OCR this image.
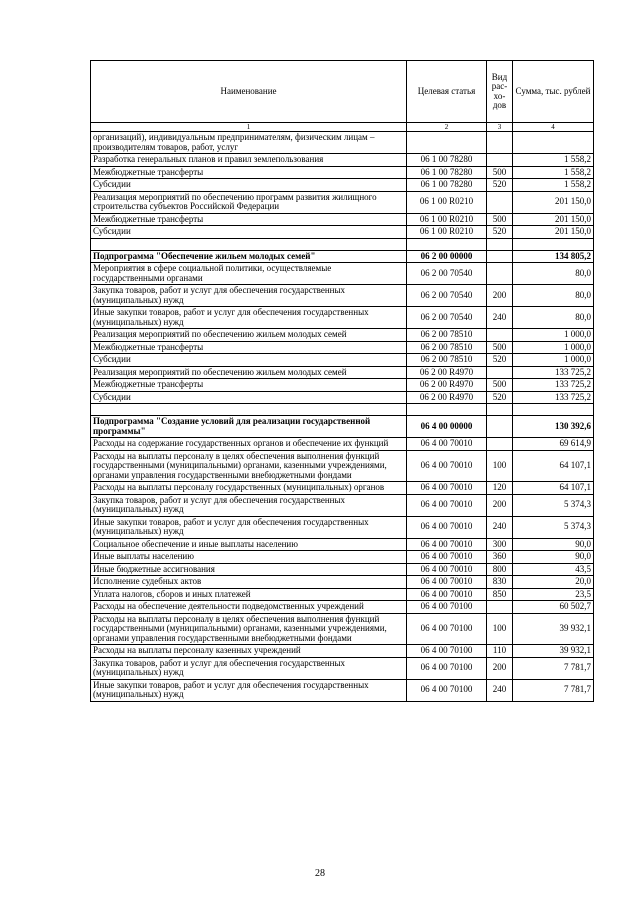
Наименование	Целевая статья	Вид рас-хо-дов	Сумма, тыс. рублей
1	2	3	4
организаций), индивидуальным предпринимателям, физическим лицам – производителям товаров, работ, услуг			
Разработка генеральных планов и правил землепользования	06 1 00 78280		1 558,2
Межбюджетные трансферты	06 1 00 78280	500	1 558,2
Субсидии	06 1 00 78280	520	1 558,2
Реализация мероприятий по обеспечению программ развития жилищного строительства субъектов Российской Федерации	06 1 00 R0210		201 150,0
Межбюджетные трансферты	06 1 00 R0210	500	201 150,0
Субсидии	06 1 00 R0210	520	201 150,0

Подпрограмма "Обеспечение жильем молодых семей"	06 2 00 00000		134 805,2
Мероприятия в сфере социальной политики, осуществляемые государственными органами	06 2 00 70540		80,0
Закупка товаров, работ и услуг для обеспечения государственных (муниципальных) нужд	06 2 00 70540	200	80,0
Иные закупки товаров, работ и услуг для обеспечения государственных (муниципальных) нужд	06 2 00 70540	240	80,0
Реализация мероприятий по обеспечению жильем молодых семей	06 2 00 78510		1 000,0
Межбюджетные трансферты	06 2 00 78510	500	1 000,0
Субсидии	06 2 00 78510	520	1 000,0
Реализация мероприятий по обеспечению жильем молодых семей	06 2 00 R4970		133 725,2
Межбюджетные трансферты	06 2 00 R4970	500	133 725,2
Субсидии	06 2 00 R4970	520	133 725,2

Подпрограмма "Создание условий для реализации государственной программы"	06 4 00 00000		130 392,6
Расходы на содержание государственных органов и обеспечение их функций	06 4 00 70010		69 614,9
Расходы на выплаты персоналу в целях обеспечения выполнения функций государственными (муниципальными) органами, казенными учреждениями, органами управления государственными внебюджетными фондами	06 4 00 70010	100	64 107,1
Расходы на выплаты персоналу государственных (муниципальных) органов	06 4 00 70010	120	64 107,1
Закупка товаров, работ и услуг для обеспечения государственных (муниципальных) нужд	06 4 00 70010	200	5 374,3
Иные закупки товаров, работ и услуг для обеспечения государственных (муниципальных) нужд	06 4 00 70010	240	5 374,3
Социальное обеспечение и иные выплаты населению	06 4 00 70010	300	90,0
Иные выплаты населению	06 4 00 70010	360	90,0
Иные бюджетные ассигнования	06 4 00 70010	800	43,5
Исполнение судебных актов	06 4 00 70010	830	20,0
Уплата налогов, сборов и иных платежей	06 4 00 70010	850	23,5
Расходы на обеспечение деятельности подведомственных учреждений	06 4 00 70100		60 502,7
Расходы на выплаты персоналу в целях обеспечения выполнения функций государственными (муниципальными) органами, казенными учреждениями, органами управления государственными внебюджетными фондами	06 4 00 70100	100	39 932,1
Расходы на выплаты персоналу казенных учреждений	06 4 00 70100	110	39 932,1
Закупка товаров, работ и услуг для обеспечения государственных (муниципальных) нужд	06 4 00 70100	200	7 781,7
Иные закупки товаров, работ и услуг для обеспечения государственных (муниципальных) нужд	06 4 00 70100	240	7 781,7
28
